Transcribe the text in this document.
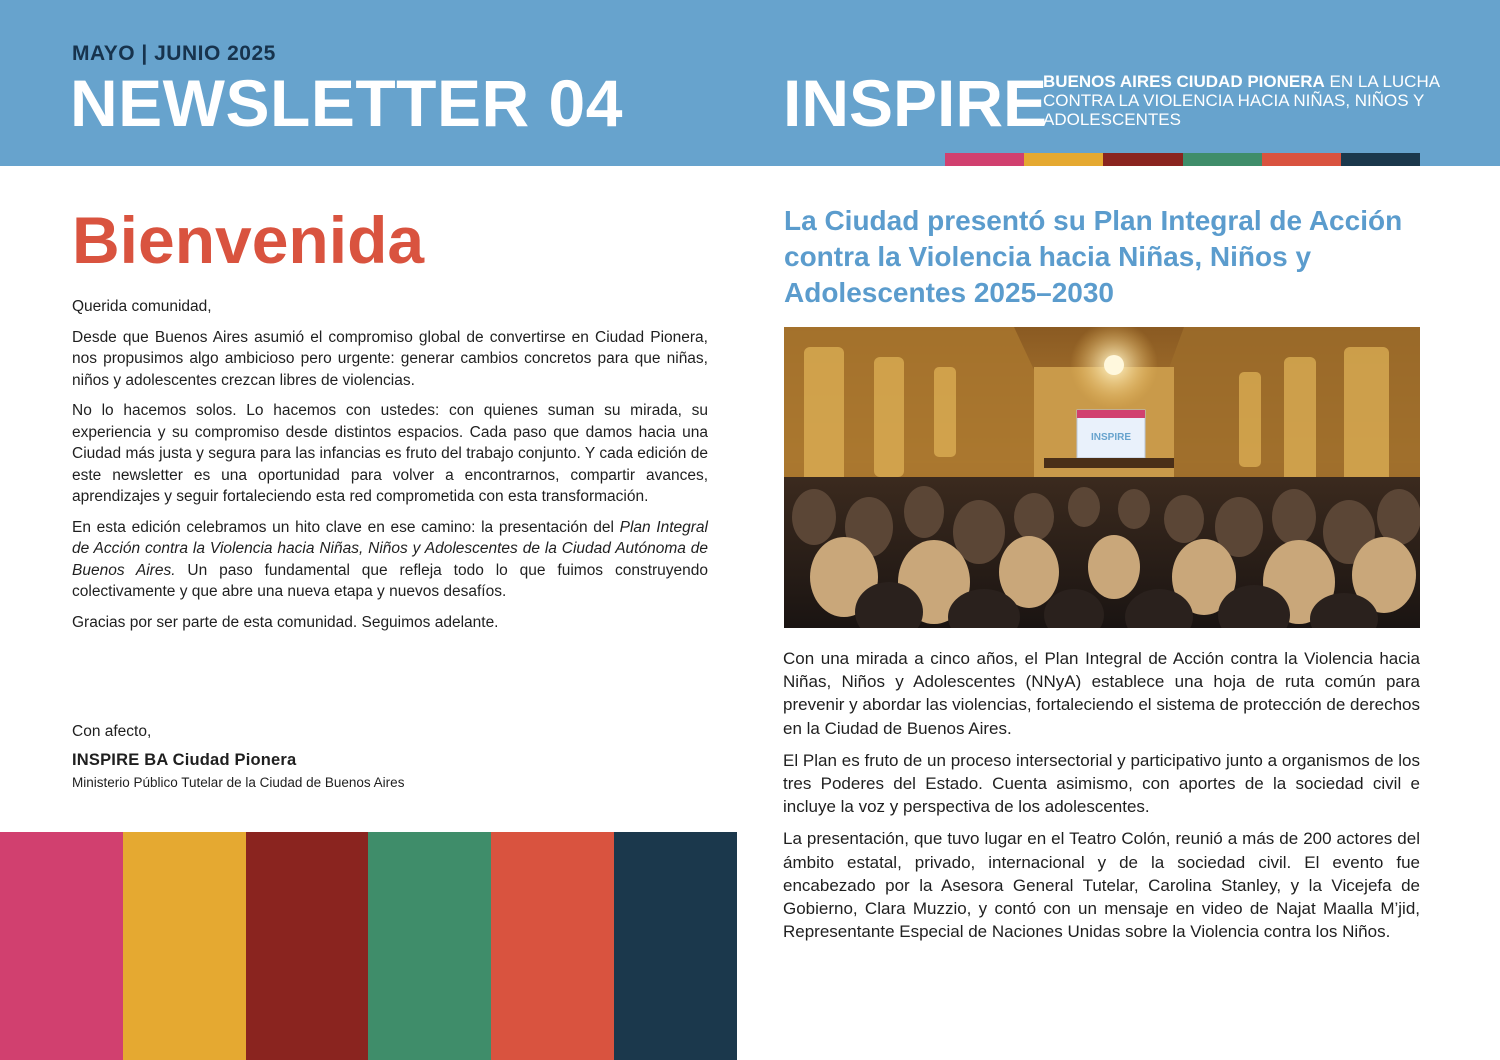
MAYO | JUNIO 2025
NEWSLETTER 04 INSPIRE
BUENOS AIRES CIUDAD PIONERA EN LA LUCHA CONTRA LA VIOLENCIA HACIA NIÑAS, NIÑOS Y ADOLESCENTES
Bienvenida

Querida comunidad,

Desde que Buenos Aires asumió el compromiso global de convertirse en Ciudad Pionera, nos propusimos algo ambicioso pero urgente: generar cambios concretos para que niñas, niños y adolescentes crezcan libres de violencias.

No lo hacemos solos. Lo hacemos con ustedes: con quienes suman su mirada, su experiencia y su compromiso desde distintos espacios. Cada paso que damos hacia una Ciudad más justa y segura para las infancias es fruto del trabajo conjunto. Y cada edición de este newsletter es una oportunidad para volver a encontrarnos, compartir avances, aprendizajes y seguir fortaleciendo esta red comprometida con esta transformación.

En esta edición celebramos un hito clave en ese camino: la presentación del Plan Integral de Acción contra la Violencia hacia Niñas, Niños y Adolescentes de la Ciudad Autónoma de Buenos Aires. Un paso fundamental que refleja todo lo que fuimos construyendo colectivamente y que abre una nueva etapa y nuevos desafíos.

Gracias por ser parte de esta comunidad. Seguimos adelante.

Con afecto,
INSPIRE BA Ciudad Pionera
Ministerio Público Tutelar de la Ciudad de Buenos Aires
La Ciudad presentó su Plan Integral de Acción contra la Violencia hacia Niñas, Niños y Adolescentes 2025–2030
INSPIRE

Con una mirada a cinco años, el Plan Integral de Acción contra la Violencia hacia Niñas, Niños y Adolescentes (NNyA) establece una hoja de ruta común para prevenir y abordar las violencias, fortaleciendo el sistema de protección de derechos en la Ciudad de Buenos Aires.

El Plan es fruto de un proceso intersectorial y participativo junto a organismos de los tres Poderes del Estado. Cuenta asimismo, con aportes de la sociedad civil e incluye la voz y perspectiva de los adolescentes.

La presentación, que tuvo lugar en el Teatro Colón, reunió a más de 200 actores del ámbito estatal, privado, internacional y de la sociedad civil. El evento fue encabezado por la Asesora General Tutelar, Carolina Stanley, y la Vicejefa de Gobierno, Clara Muzzio, y contó con un mensaje en video de Najat Maalla M’jid, Representante Especial de Naciones Unidas sobre la Violencia contra los Niños.
